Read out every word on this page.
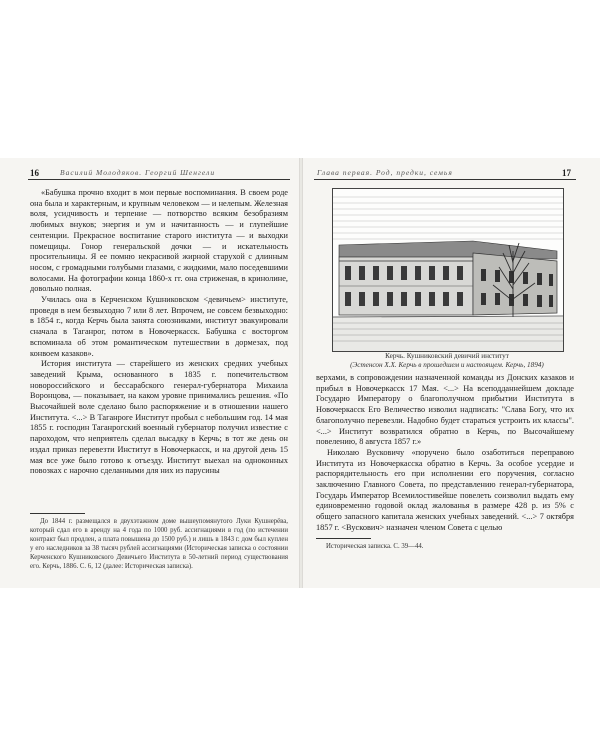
16	Василий Молодяков. Георгий Шенгели

«Бабушка прочно входит в мои первые воспоминания. В своем роде она была и характерным, и крупным человеком — и нелепым. Железная воля, усидчивость и терпение — потворство всяким безобразиям любимых внуков; энергия и ум и начитанность — и глупейшие сентенции. Прекрасное воспитание старого института — и выходки помещицы. Гонор генеральской дочки — и искательность просительницы. Я ее помню некрасивой жирной старухой с длинным носом, с громадными голубыми глазами, с жидкими, мало поседевшими волосами. На фотографии конца 1860-х гг. она стриженая, в кринолине, довольно полная.

Училась она в Керченском Кушниковском <девичьем> институте, проведя в нем безвыходно 7 или 8 лет. Впрочем, не совсем безвыходно: в 1854 г., когда Керчь была занята союзниками, институт эвакуировали сначала в Таганрог, потом в Новочеркасск. Бабушка с восторгом вспоминала об этом романтическом путешествии в дормезах, под конвоем казаков».

История института — старейшего из женских средних учебных заведений Крыма, основанного в 1835 г. попечительством новороссийского и бессарабского генерал-губернатора Михаила Воронцова, — показывает, на каком уровне принимались решения. «По Высочайшей воле сделано было распоряжение и в отношении нашего Института. <...> В Таганроге Институт пробыл с небольшим год. 14 мая 1855 г. господин Таганрогский военный губернатор получил известие с пароходом, что неприятель сделал высадку в Керчь; в тот же день он издал приказ перевезти Институт в Новочеркасск, и на другой день 15 мая все уже было готово к отъезду. Институт выехал на одноконных повозках с нарочно сделанными для них из парусины

До 1844 г. размещался в двухэтажном доме вышеупомянутого Луки Кушнерёва, который сдал его в аренду на 4 года по 1000 руб. ассигнациями в год (по истечении контракт был продлен, а плата повышена до 1500 руб.) и лишь в 1843 г. дом был куплен у его наследников за 38 тысяч рублей ассигнациями (Историческая записка о состоянии Керченского Кушниковского Девичьего Института в 50-летний период существования его. Керчь, 1886. С. 6, 12 (далее: Историческая записка).

Глава первая. Род, предки, семья	17
Керчь. Кушниковский девичий институт
(Эстенсон Х.Х. Керчь в прошедшем и настоящем. Керчь, 1894)

верхами, в сопровождении назначенной команды из Донских казаков и прибыл в Новочеркасск 17 Мая. <...> На всеподданнейшем докладе Государю Императору о благополучном прибытии Института в Новочеркасск Его Величество изволил надписать: "Слава Богу, что их благополучно перевезли. Надобно будет стараться устроить их классы". <...> Институт возвратился обратно в Керчь, по Высочайшему повелению, 8 августа 1857 г.»

Николаю Вусковичу «поручено было озаботиться переправою Института из Новочеркасска обратно в Керчь. За особое усердие и распорядительность его при исполнении его поручения, согласно заключению Главного Совета, по представлению генерал-губернатора, Государь Император Всемилостивейше повелеть соизволил выдать ему единовременно годовой оклад жалованья в размере 428 р. из 5% с общего запасного капитала женских учебных заведений. <...> 7 октября 1857 г. <Вускович> назначен членом Совета с целью

Историческая записка. С. 39—44.
